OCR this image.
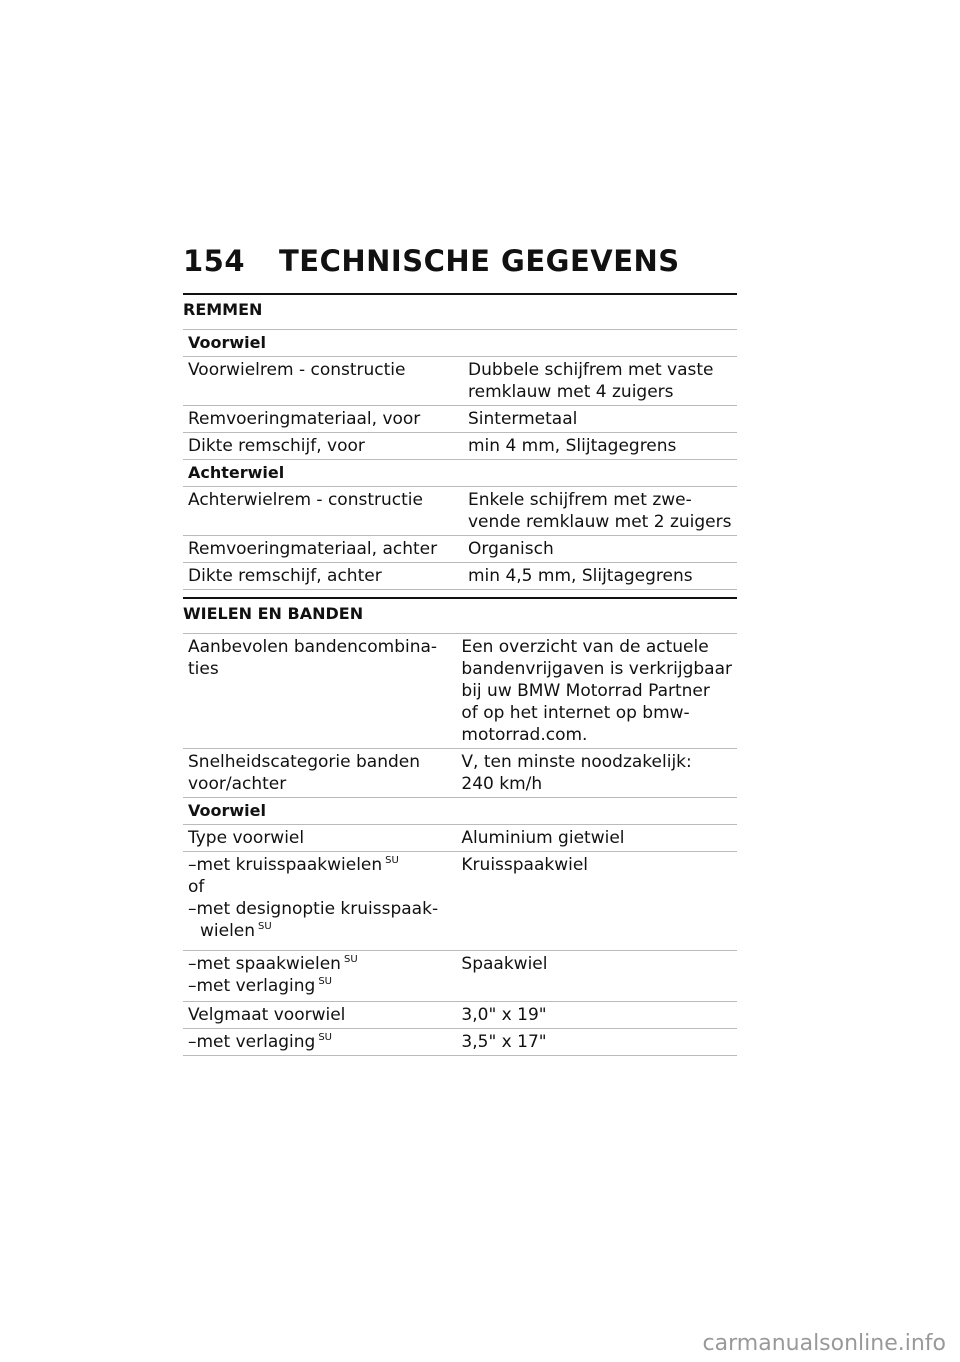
154	TECHNISCHE GEGEVENS
REMMEN
Voorwiel	
Voorwielrem - constructie	Dubbele schijfrem met vaste
remklauw met 4 zuigers

Remvoeringmateriaal, voor	Sintermetaal
Dikte remschijf, voor	min 4 mm, Slijtagegrens
Achterwiel	
Achterwielrem - constructie	Enkele schijfrem met zwe-
vende remklauw met 2 zuigers

Remvoeringmateriaal, achter	Organisch
Dikte remschijf, achter	min 4,5 mm, Slijtagegrens
WIELEN EN BANDEN
Aanbevolen bandencombina-
ties	Een overzicht van de actuele
bandenvrijgaven is verkrijgbaar
bij uw BMW Motorrad Partner
of op het internet op bmw-
motorrad.com.

Snelheidscategorie banden
voor/achter	V, ten minste noodzakelijk:
240 km/h

Voorwiel	
Type voorwiel	Aluminium gietwiel

–met kruisspaakwielen $^{SU}$
of
–met designoptie kruisspaak-
wielen $^{SU}$	Kruisspaakwiel

–met spaakwielen $^{SU}$
–met verlaging $^{SU}$	Spaakwiel
Velgmaat voorwiel	3,0" x 19"
–met verlaging $^{SU}$	3,5" x 17"
carmanualsonline.info
